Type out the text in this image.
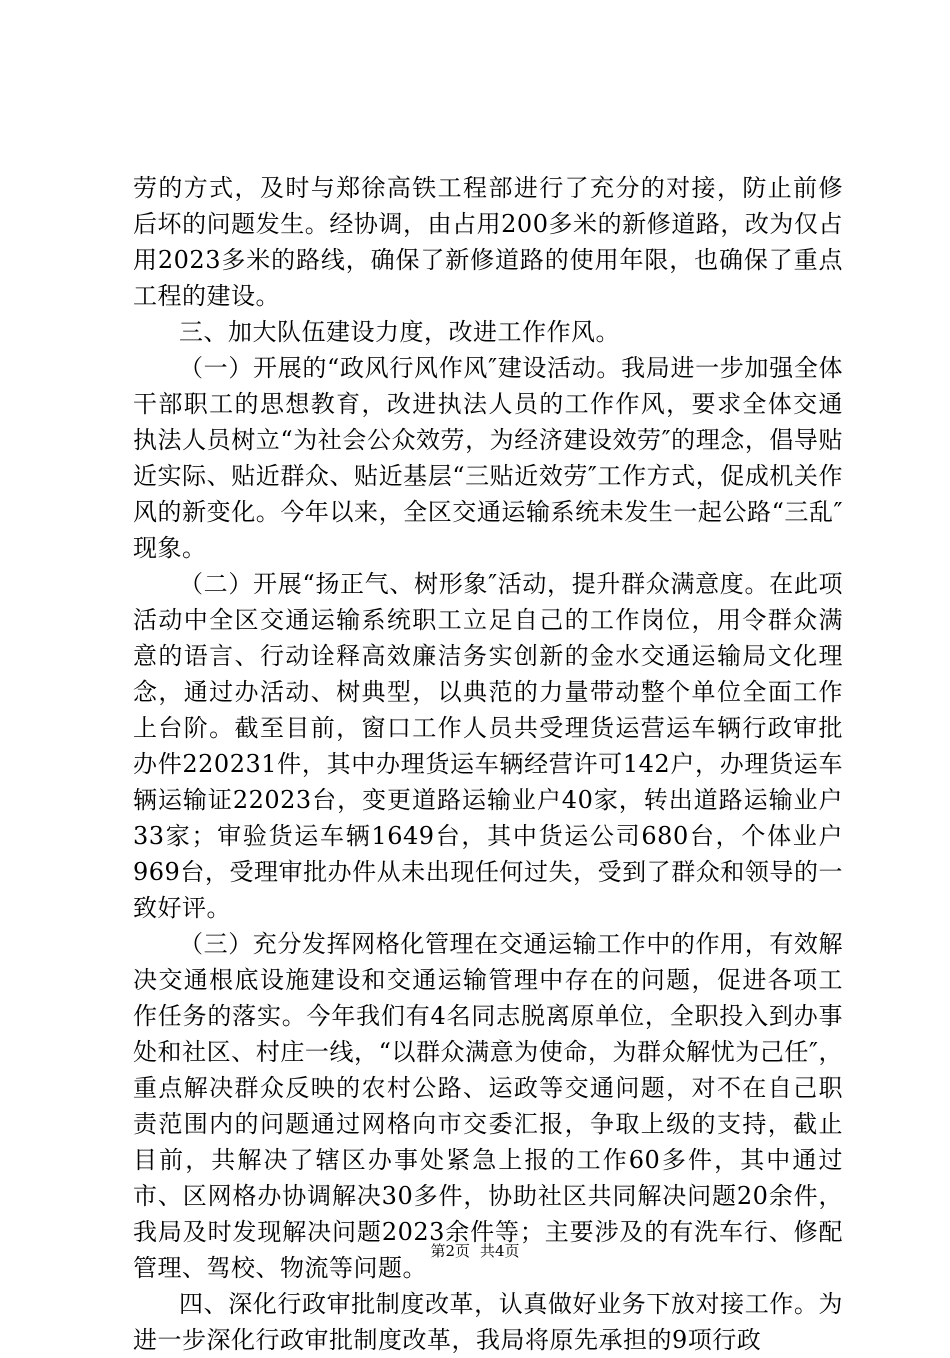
劳的方式，及时与郑徐高铁工程部进行了充分的对接，防止前修后坏的问题发生。经协调，由占用200多米的新修道路，改为仅占用2023多米的路线，确保了新修道路的使用年限，也确保了重点工程的建设。

三、加大队伍建设力度，改进工作作风。

（一）开展的“政风行风作风″建设活动。我局进一步加强全体干部职工的思想教育，改进执法人员的工作作风，要求全体交通执法人员树立“为社会公众效劳，为经济建设效劳″的理念，倡导贴近实际、贴近群众、贴近基层“三贴近效劳″工作方式，促成机关作风的新变化。今年以来，全区交通运输系统未发生一起公路“三乱″现象。

（二）开展“扬正气、树形象″活动，提升群众满意度。在此项活动中全区交通运输系统职工立足自己的工作岗位，用令群众满意的语言、行动诠释高效廉洁务实创新的金水交通运输局文化理念，通过办活动、树典型，以典范的力量带动整个单位全面工作上台阶。截至目前，窗口工作人员共受理货运营运车辆行政审批办件220231件，其中办理货运车辆经营许可142户，办理货运车辆运输证22023台，变更道路运输业户40家，转出道路运输业户33家；审验货运车辆1649台，其中货运公司680台，个体业户969台，受理审批办件从未出现任何过失，受到了群众和领导的一致好评。

（三）充分发挥网格化管理在交通运输工作中的作用，有效解决交通根底设施建设和交通运输管理中存在的问题，促进各项工作任务的落实。今年我们有4名同志脱离原单位，全职投入到办事处和社区、村庄一线，“以群众满意为使命，为群众解忧为己任″，重点解决群众反映的农村公路、运政等交通问题，对不在自己职责范围内的问题通过网格向市交委汇报，争取上级的支持，截止目前，共解决了辖区办事处紧急上报的工作60多件，其中通过市、区网格办协调解决30多件，协助社区共同解决问题20余件，我局及时发现解决问题2023余件等；主要涉及的有洗车行、修配管理、驾校、物流等问题。

四、深化行政审批制度改革，认真做好业务下放对接工作。为进一步深化行政审批制度改革，我局将原先承担的9项行政

第2页 共4页
